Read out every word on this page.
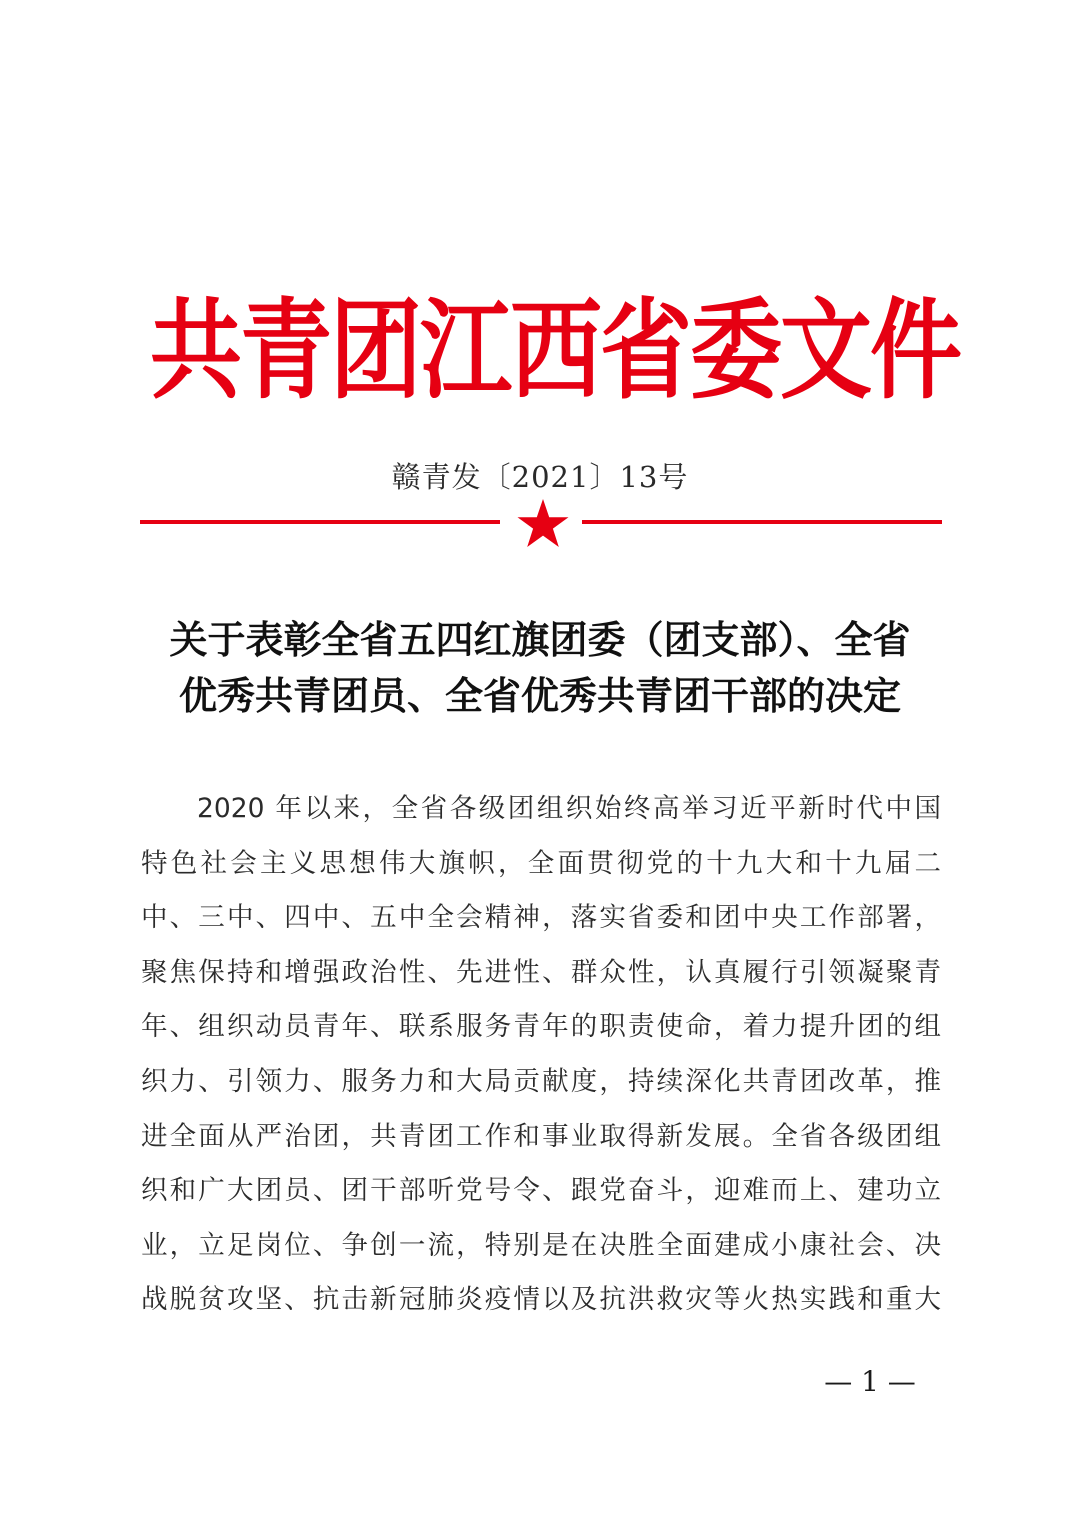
共青团江西省委文件
赣青发〔2021〕13号
关于表彰全省五四红旗团委（团支部）、全省
优秀共青团员、全省优秀共青团干部的决定
2020 年以来，全省各级团组织始终高举习近平新时代中国
特色社会主义思想伟大旗帜，全面贯彻党的十九大和十九届二
中、三中、四中、五中全会精神，落实省委和团中央工作部署，
聚焦保持和增强政治性、先进性、群众性，认真履行引领凝聚青
年、组织动员青年、联系服务青年的职责使命，着力提升团的组
织力、引领力、服务力和大局贡献度，持续深化共青团改革，推
进全面从严治团，共青团工作和事业取得新发展。全省各级团组
织和广大团员、团干部听党号令、跟党奋斗，迎难而上、建功立
业，立足岗位、争创一流，特别是在决胜全面建成小康社会、决
战脱贫攻坚、抗击新冠肺炎疫情以及抗洪救灾等火热实践和重大
— 1 —
